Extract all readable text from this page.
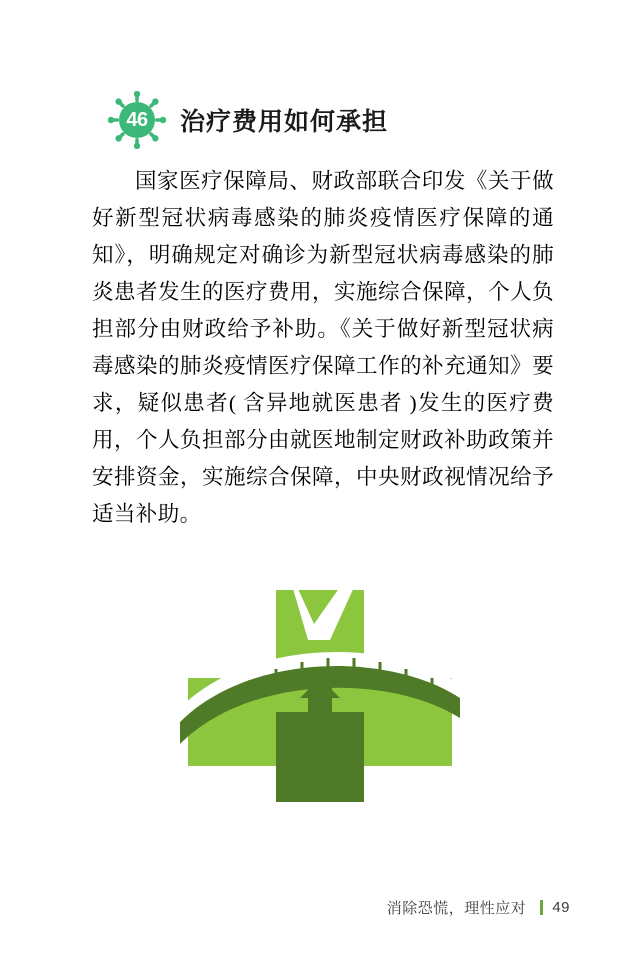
46	治疗费用如何承担
国家医疗保障局、财政部联合印发《关于做好新型冠状病毒感染的肺炎疫情医疗保障的通知》，明确规定对确诊为新型冠状病毒感染的肺炎患者发生的医疗费用，实施综合保障，个人负担部分由财政给予补助。《关于做好新型冠状病毒感染的肺炎疫情医疗保障工作的补充通知》要求，疑似患者( 含异地就医患者 )发生的医疗费用，个人负担部分由就医地制定财政补助政策并安排资金，实施综合保障，中央财政视情况给予适当补助。
消除恐慌，理性应对 49
